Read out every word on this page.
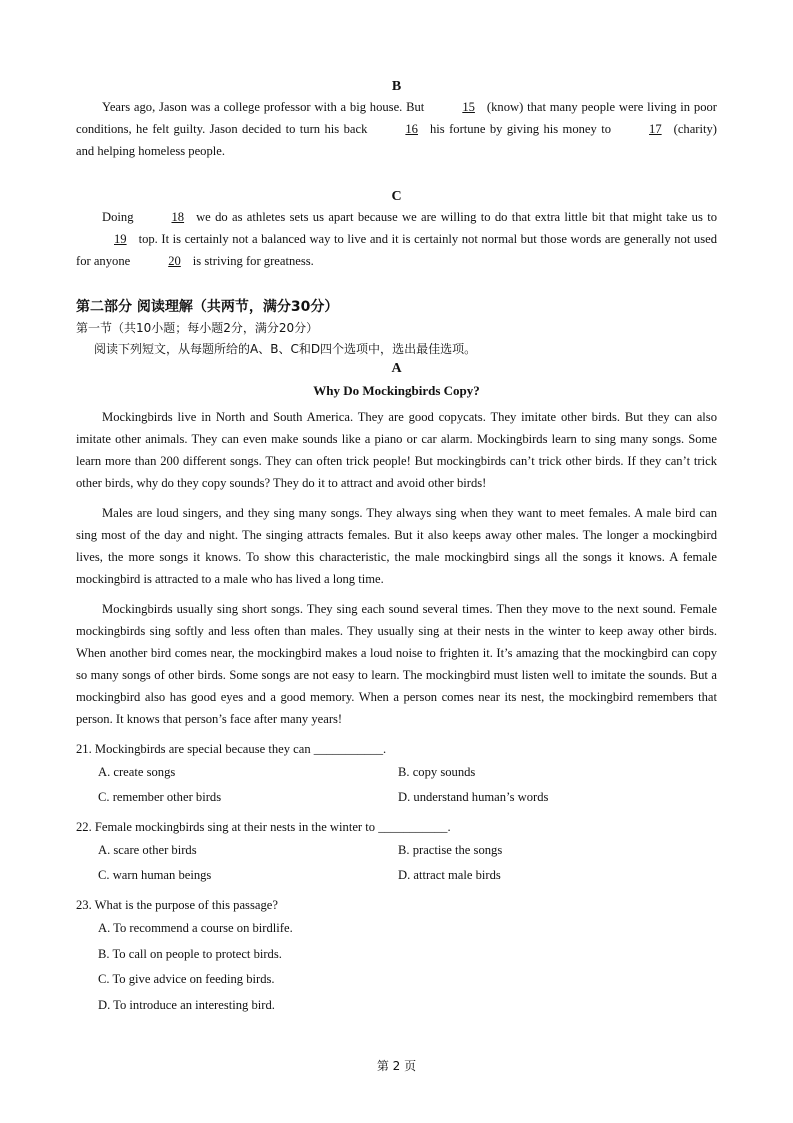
B

Years ago, Jason was a college professor with a big house. But	15 (know) that many people were living in poor conditions, he felt guilty. Jason decided to turn his back	16 his fortune by giving his money to	17 (charity) and helping homeless people.

C

Doing	18 we do as athletes sets us apart because we are willing to do that extra little bit that might take us to19 top. It is certainly not a balanced way to live and it is certainly not normal but those words are generally not used for anyone	20 is striving for greatness.

第二部分 阅读理解（共两节，满分30分）

第一节（共10小题；每小题2分，满分20分）

阅读下列短文，从每题所给的A、B、C和D四个选项中，选出最佳选项。

A

Why Do Mockingbirds Copy?

Mockingbirds live in North and South America. They are good copycats. They imitate other birds. But they can also imitate other animals. They can even make sounds like a piano or car alarm. Mockingbirds learn to sing many songs. Some learn more than 200 different songs. They can often trick people! But mockingbirds can’t trick other birds. If they can’t trick other birds, why do they copy sounds? They do it to attract and avoid other birds!

Males are loud singers, and they sing many songs. They always sing when they want to meet females. A male bird can sing most of the day and night. The singing attracts females. But it also keeps away other males. The longer a mockingbird lives, the more songs it knows. To show this characteristic, the male mockingbird sings all the songs it knows. A female mockingbird is attracted to a male who has lived a long time.

Mockingbirds usually sing short songs. They sing each sound several times. Then they move to the next sound. Female mockingbirds sing softly and less often than males. They usually sing at their nests in the winter to keep away other birds. When another bird comes near, the mockingbird makes a loud noise to frighten it. It’s amazing that the mockingbird can copy so many songs of other birds. Some songs are not easy to learn. The mockingbird must listen well to imitate the sounds. But a mockingbird also has good eyes and a good memory. When a person comes near its nest, the mockingbird remembers that person. It knows that person’s face after many years!

21. Mockingbirds are special because they can ___________.

A. create songs	B. copy sounds
C. remember other birds	D. understand human’s words

22. Female mockingbirds sing at their nests in the winter to ___________.

A. scare other birds	B. practise the songs
C. warn human beings	D. attract male birds

23. What is the purpose of this passage?

A. To recommend a course on birdlife.
B. To call on people to protect birds.
C. To give advice on feeding birds.
D. To introduce an interesting bird.
第 2 页
